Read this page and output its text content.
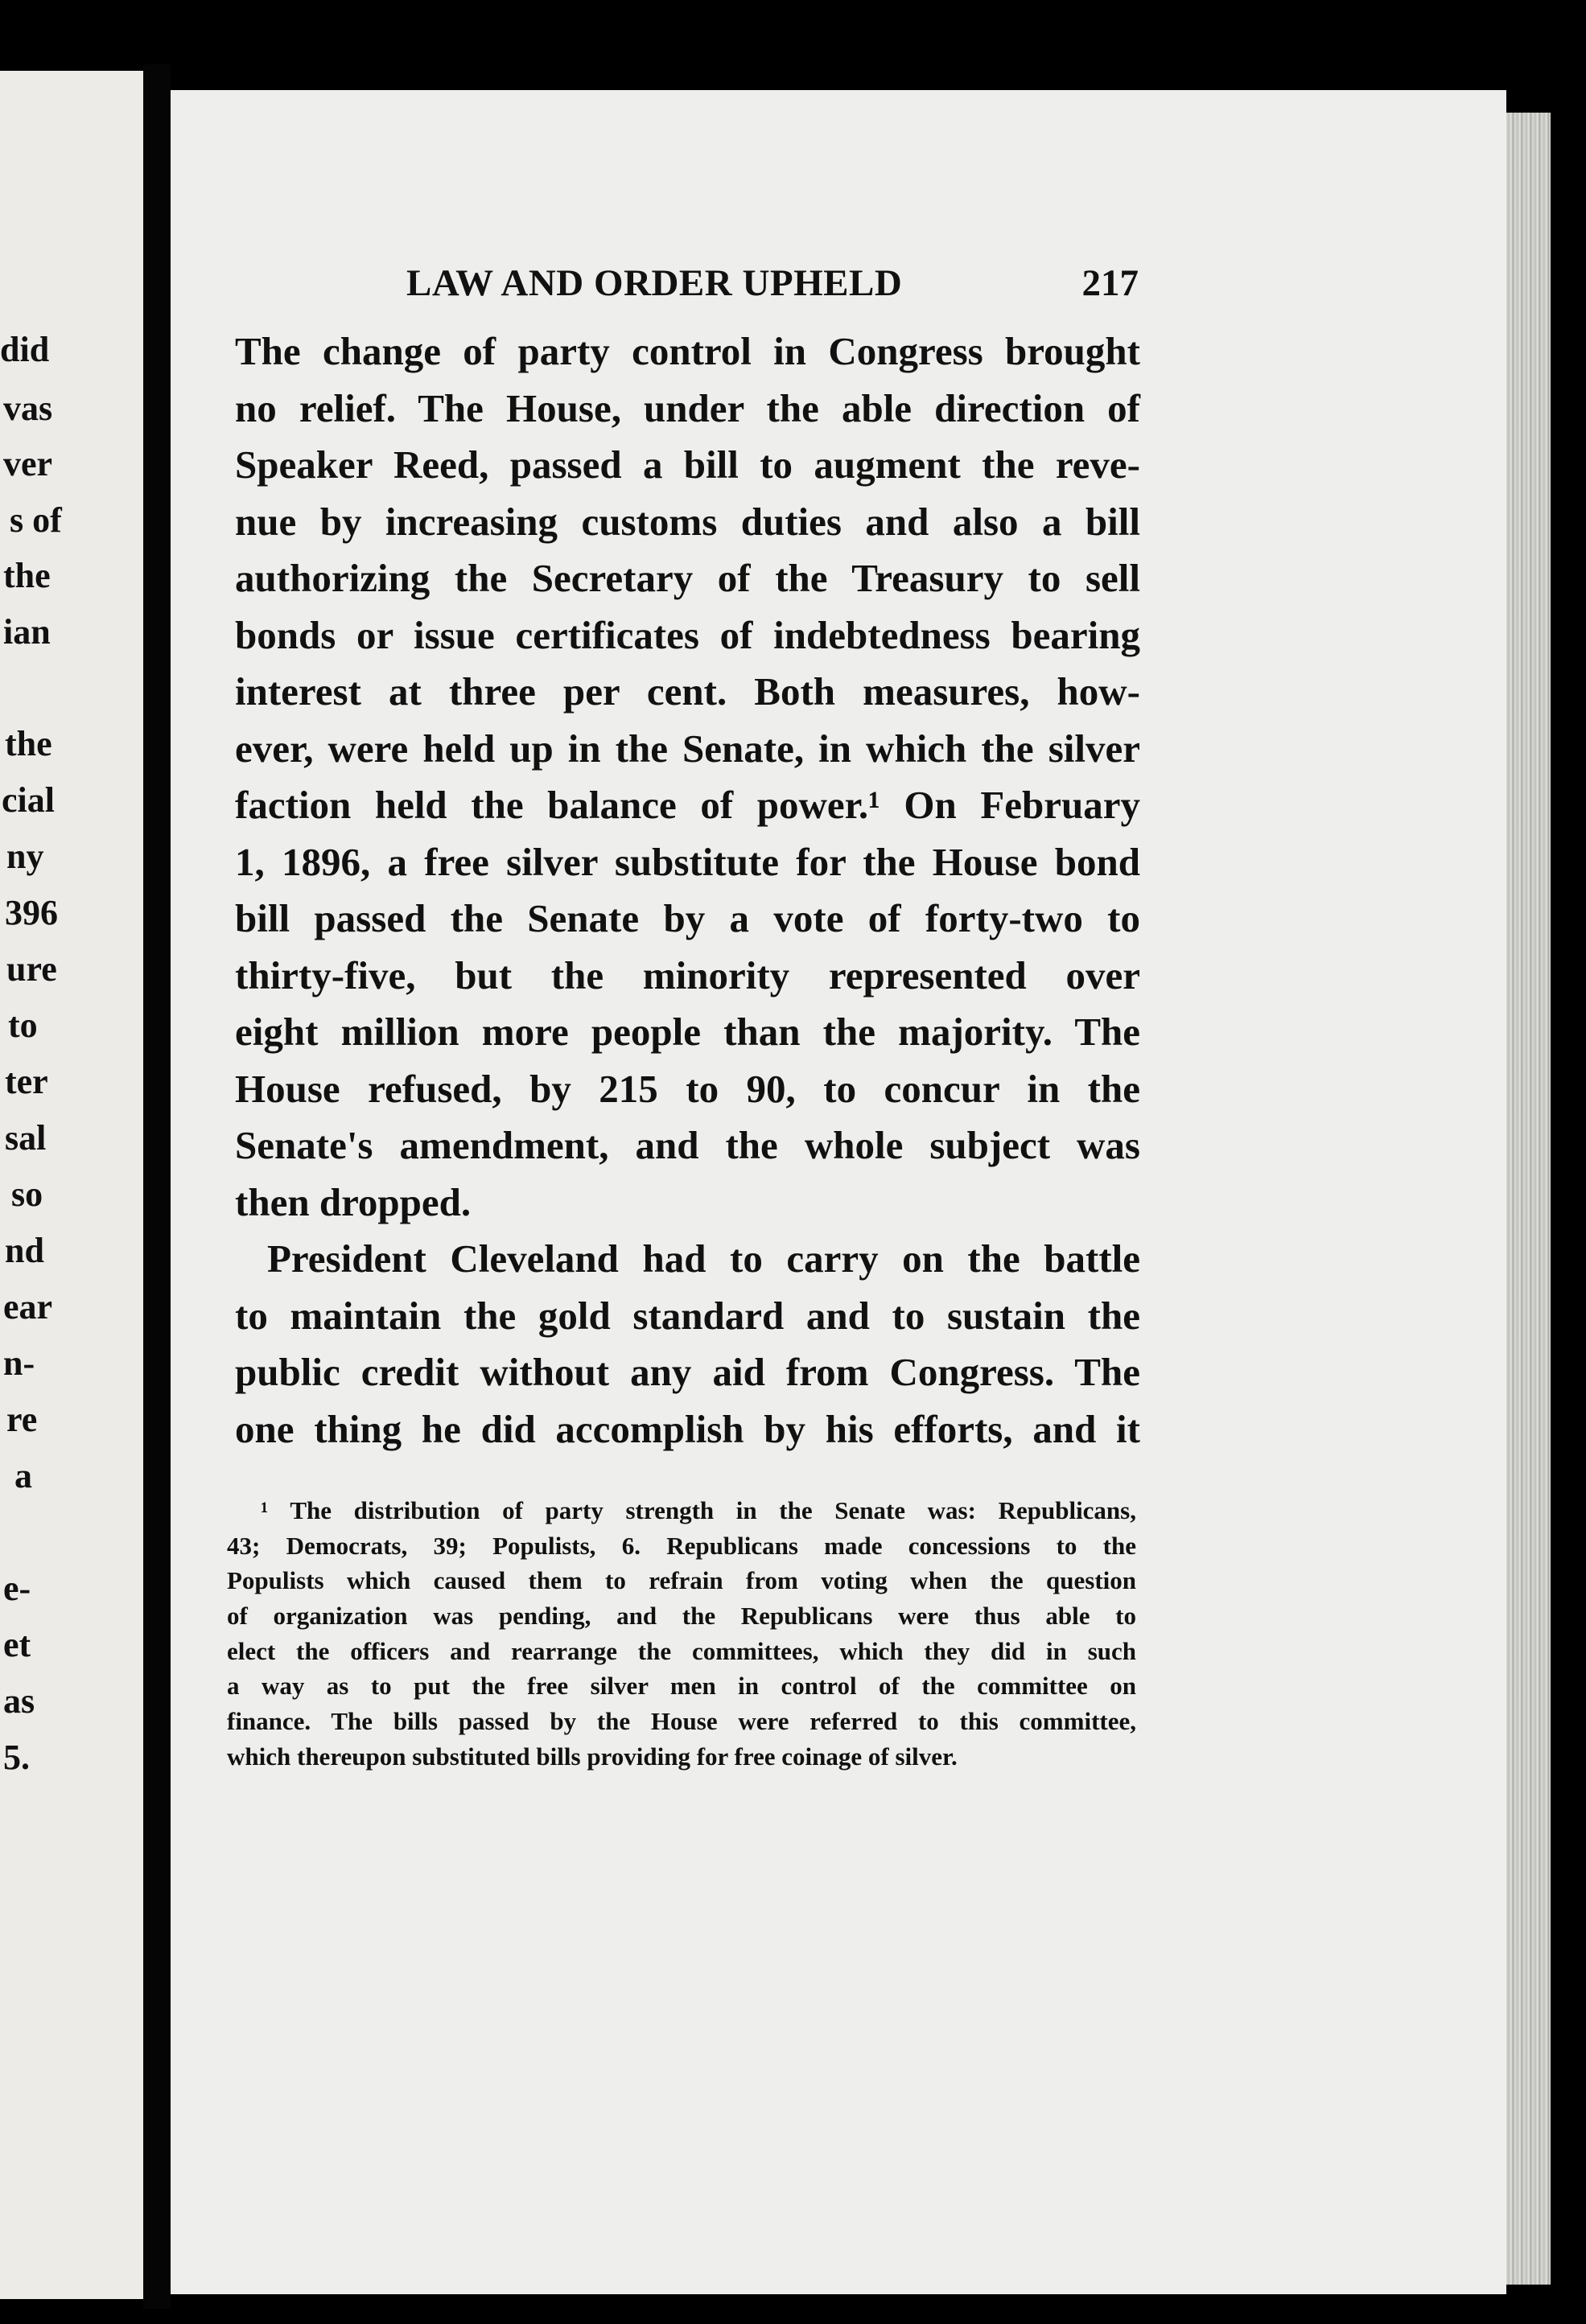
did
vas
ver
s of
the
ian
the
cial
ny
396
ure
to
ter
sal
so
nd
ear
n-
re
a
e-
et
as
5.
LAW AND ORDER UPHELD	217
The change of party control in Congress brought
no relief. The House, under the able direction of
Speaker Reed, passed a bill to augment the reve-
nue by increasing customs duties and also a bill
authorizing the Secretary of the Treasury to sell
bonds or issue certificates of indebtedness bearing
interest at three per cent. Both measures, how-
ever, were held up in the Senate, in which the silver
faction held the balance of power.¹ On February
1, 1896, a free silver substitute for the House bond
bill passed the Senate by a vote of forty-two to
thirty-five, but the minority represented over
eight million more people than the majority. The
House refused, by 215 to 90, to concur in the
Senate's amendment, and the whole subject was
then dropped.
President Cleveland had to carry on the battle
to maintain the gold standard and to sustain the
public credit without any aid from Congress. The
one thing he did accomplish by his efforts, and it
¹ The distribution of party strength in the Senate was: Republicans,
43; Democrats, 39; Populists, 6. Republicans made concessions to the
Populists which caused them to refrain from voting when the question
of organization was pending, and the Republicans were thus able to
elect the officers and rearrange the committees, which they did in such
a way as to put the free silver men in control of the committee on
finance. The bills passed by the House were referred to this committee,
which thereupon substituted bills providing for free coinage of silver.
